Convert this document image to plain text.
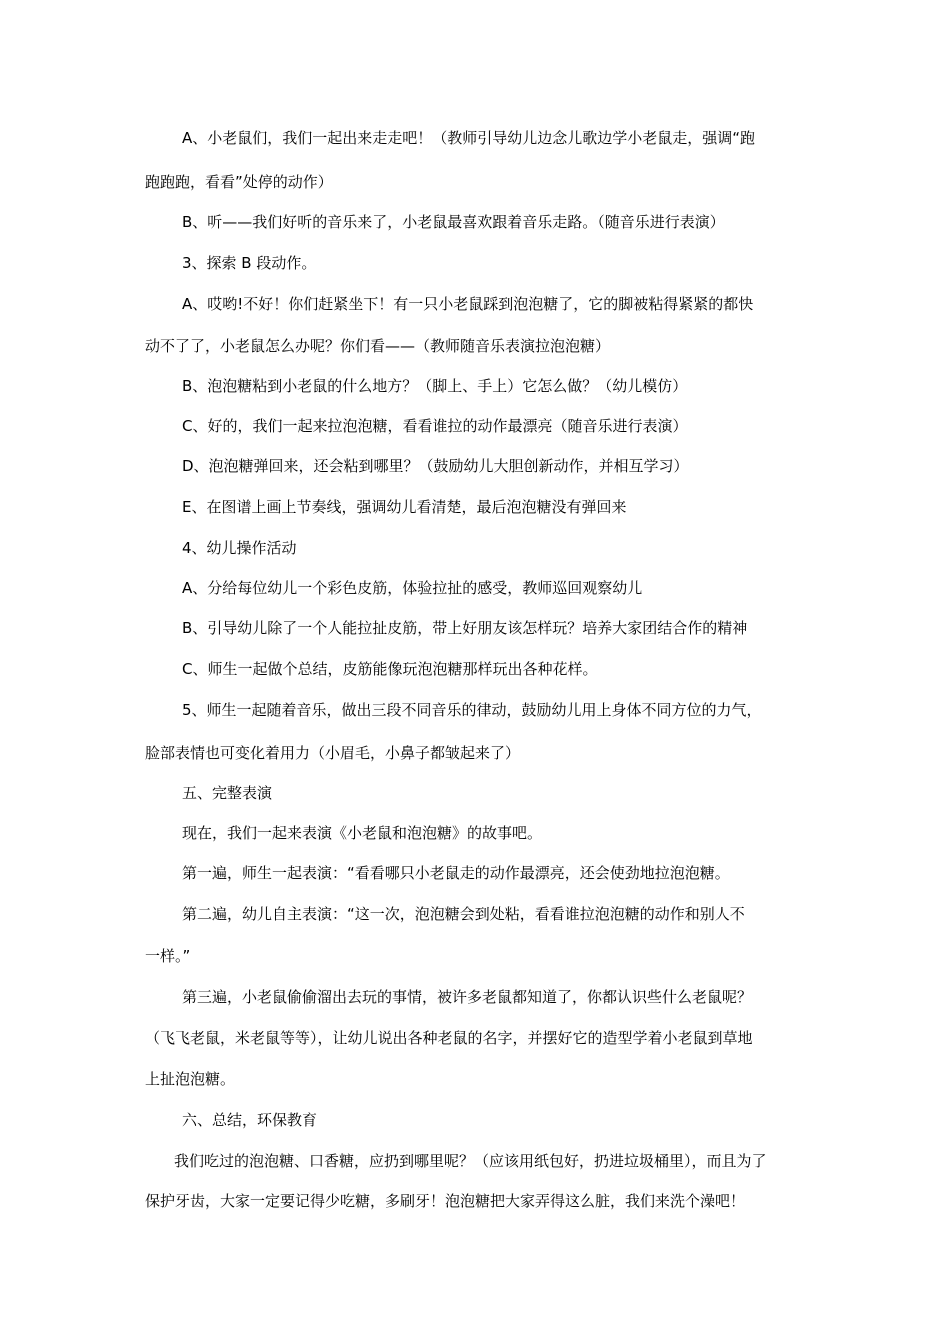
A、小老鼠们，我们一起出来走走吧！（教师引导幼儿边念儿歌边学小老鼠走，强调“跑
跑跑跑，看看”处停的动作）
B、听——我们好听的音乐来了，小老鼠最喜欢跟着音乐走路。（随音乐进行表演）
3、探索 B 段动作。
A、哎哟!不好！你们赶紧坐下！有一只小老鼠踩到泡泡糖了，它的脚被粘得紧紧的都快
动不了了，小老鼠怎么办呢？你们看——（教师随音乐表演拉泡泡糖）
B、泡泡糖粘到小老鼠的什么地方？（脚上、手上）它怎么做？（幼儿模仿）
C、好的，我们一起来拉泡泡糖，看看谁拉的动作最漂亮（随音乐进行表演）
D、泡泡糖弹回来，还会粘到哪里？（鼓励幼儿大胆创新动作，并相互学习）
E、在图谱上画上节奏线，强调幼儿看清楚，最后泡泡糖没有弹回来
4、幼儿操作活动
A、分给每位幼儿一个彩色皮筋，体验拉扯的感受，教师巡回观察幼儿
B、引导幼儿除了一个人能拉扯皮筋，带上好朋友该怎样玩？培养大家团结合作的精神
C、师生一起做个总结，皮筋能像玩泡泡糖那样玩出各种花样。
5、师生一起随着音乐，做出三段不同音乐的律动，鼓励幼儿用上身体不同方位的力气，
脸部表情也可变化着用力（小眉毛，小鼻子都皱起来了）
五、完整表演
现在，我们一起来表演《小老鼠和泡泡糖》的故事吧。
第一遍，师生一起表演：“看看哪只小老鼠走的动作最漂亮，还会使劲地拉泡泡糖。
第二遍，幼儿自主表演：“这一次，泡泡糖会到处粘，看看谁拉泡泡糖的动作和别人不
一样。”
第三遍，小老鼠偷偷溜出去玩的事情，被许多老鼠都知道了，你都认识些什么老鼠呢？
（飞飞老鼠，米老鼠等等），让幼儿说出各种老鼠的名字，并摆好它的造型学着小老鼠到草地
上扯泡泡糖。
六、总结，环保教育
我们吃过的泡泡糖、口香糖，应扔到哪里呢？（应该用纸包好，扔进垃圾桶里），而且为了
保护牙齿，大家一定要记得少吃糖，多刷牙！泡泡糖把大家弄得这么脏，我们来洗个澡吧！
